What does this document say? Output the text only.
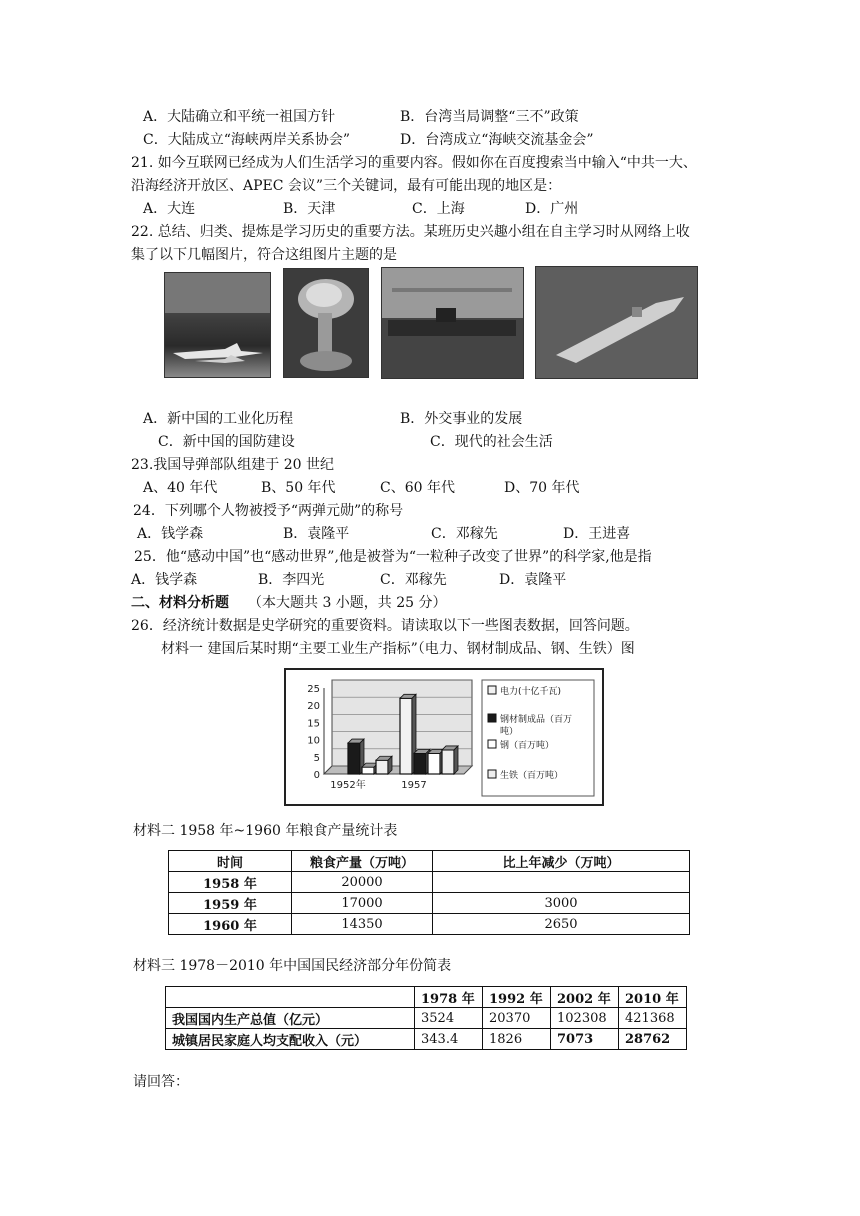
A．大陆确立和平统一祖国方针	B．台湾当局调整“三不”政策
C．大陆成立“海峡两岸关系协会”	D．台湾成立“海峡交流基金会”
21. 如今互联网已经成为人们生活学习的重要内容。假如你在百度搜索当中输入“中共一大、
沿海经济开放区、APEC 会议”三个关键词，最有可能出现的地区是：
A．大连	B．天津	C．上海	D．广州
22. 总结、归类、提炼是学习历史的重要方法。某班历史兴趣小组在自主学习时从网络上收
集了以下几幅图片，符合这组图片主题的是
A．新中国的工业化历程	B．外交事业的发展
C．新中国的国防建设	C．现代的社会生活
23.我国导弹部队组建于 20 世纪
A、40 年代	B、50 年代	C、60 年代	D、70 年代
24．下列哪个人物被授予“两弹元勋”的称号
A．钱学森	B．袁隆平	C．邓稼先	D．王进喜
25．他“感动中国”也“感动世界”,他是被誉为“一粒种子改变了世界”的科学家,他是指
A．钱学森	B．李四光	C．邓稼先	D．袁隆平
二、材料分析题 （本大题共 3 小题，共 25 分）
26．经济统计数据是史学研究的重要资料。请读取以下一些图表数据，回答问题。
材料一 建国后某时期“主要工业生产指标”（电力、钢材制成品、钢、生铁）图
25
20
15
10
5
0
1952年	1957
电力(十亿千瓦)
钢材制成品（百万
吨）
钢（百万吨）
生铁（百万吨）
材料二 1958 年~1960 年粮食产量统计表
时间	粮食产量（万吨）	比上年减少（万吨）
1958 年	20000	
1959 年	17000	3000
1960 年	14350	2650
材料三 1978－2010 年中国国民经济部分年份简表
	1978 年	1992 年	2002 年	2010 年
我国国内生产总值（亿元）	3524	20370	102308	421368
城镇居民家庭人均支配收入（元）	343.4	1826	7073	28762
请回答：
